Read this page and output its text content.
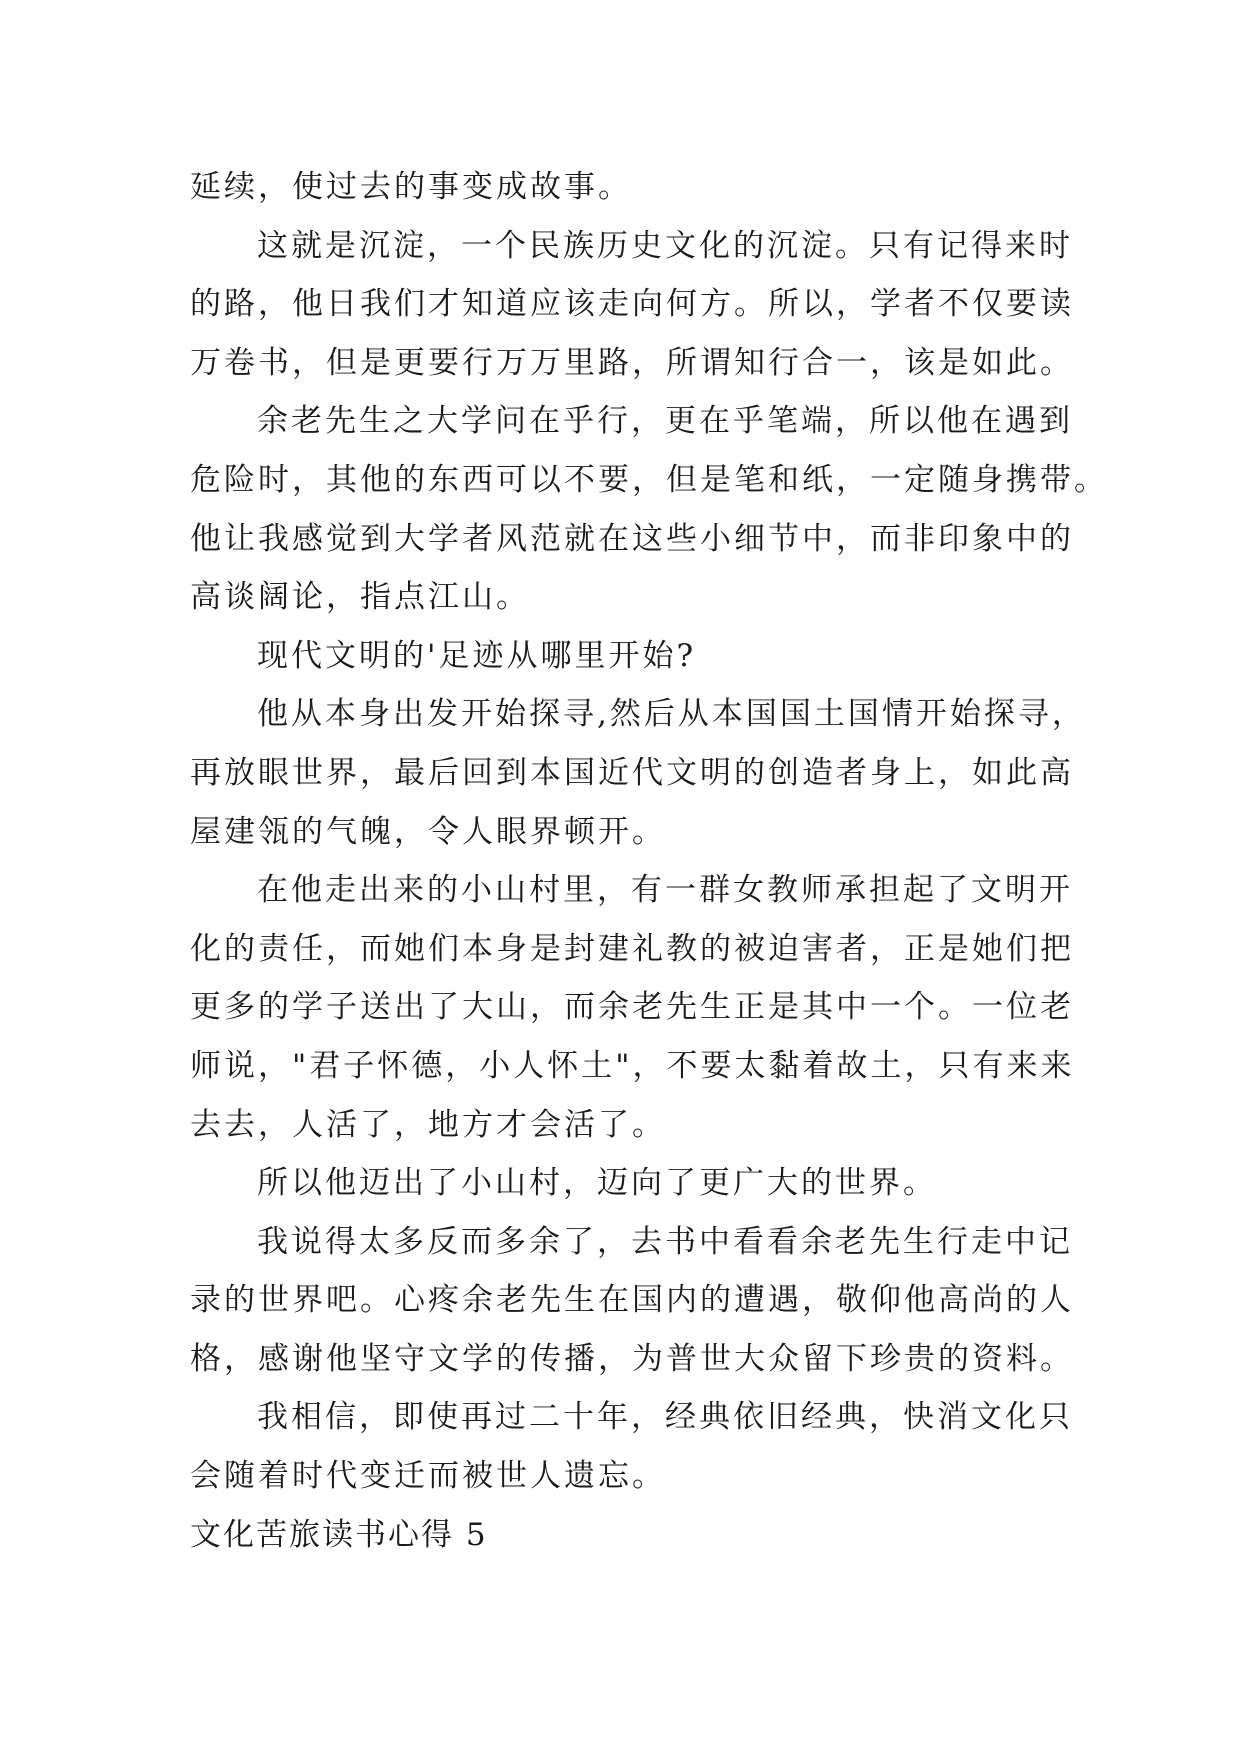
延续，使过去的事变成故事。
这就是沉淀，一个民族历史文化的沉淀。只有记得来时
的路，他日我们才知道应该走向何方。所以，学者不仅要读
万卷书，但是更要行万万里路，所谓知行合一，该是如此。
余老先生之大学问在乎行，更在乎笔端，所以他在遇到
危险时，其他的东西可以不要，但是笔和纸，一定随身携带。
他让我感觉到大学者风范就在这些小细节中，而非印象中的
高谈阔论，指点江山。
现代文明的'足迹从哪里开始?
他从本身出发开始探寻,然后从本国国土国情开始探寻，
再放眼世界，最后回到本国近代文明的创造者身上，如此高
屋建瓴的气魄，令人眼界顿开。
在他走出来的小山村里，有一群女教师承担起了文明开
化的责任，而她们本身是封建礼教的被迫害者，正是她们把
更多的学子送出了大山，而余老先生正是其中一个。一位老
师说，"君子怀德，小人怀土"，不要太黏着故土，只有来来
去去，人活了，地方才会活了。
所以他迈出了小山村，迈向了更广大的世界。
我说得太多反而多余了，去书中看看余老先生行走中记
录的世界吧。心疼余老先生在国内的遭遇，敬仰他高尚的人
格，感谢他坚守文学的传播，为普世大众留下珍贵的资料。
我相信，即使再过二十年，经典依旧经典，快消文化只
会随着时代变迁而被世人遗忘。
文化苦旅读书心得 5
